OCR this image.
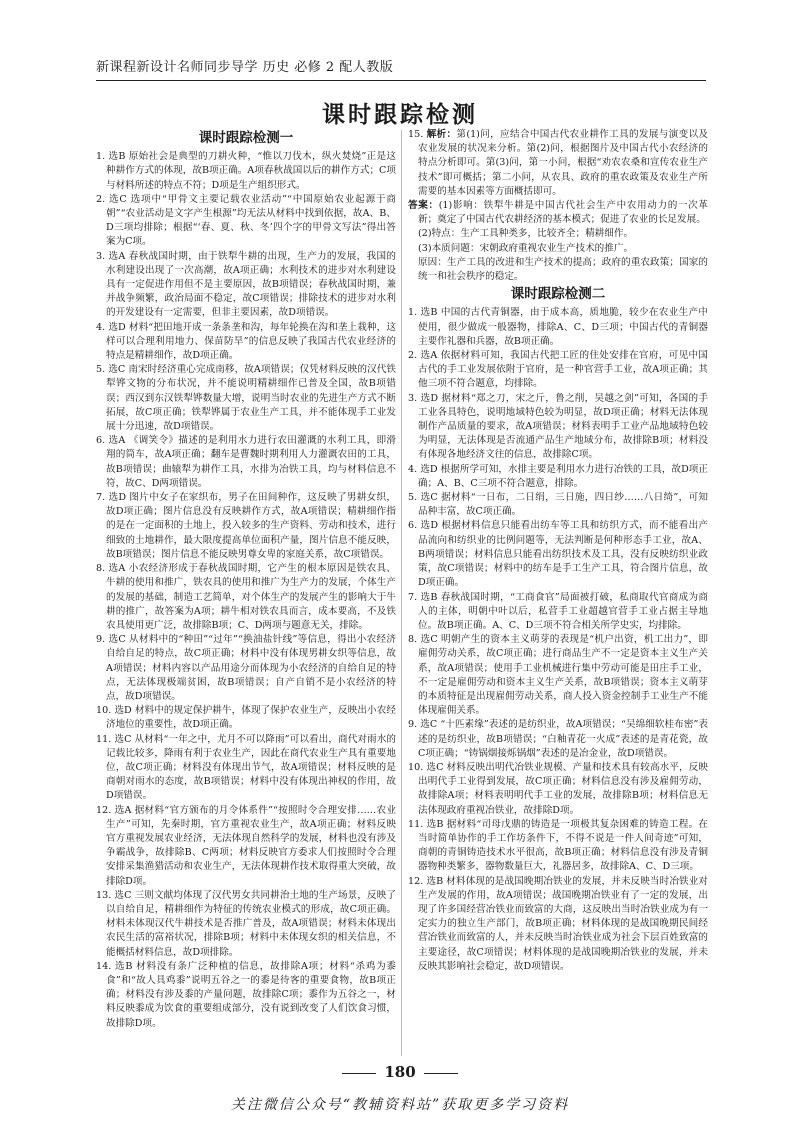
新课程新设计名师同步导学 历史 必修 2 配人教版
课时跟踪检测
课时跟踪检测一

1. 选B 原始社会是典型的刀耕火种，“惟以刀伐木，纵火焚烧”正是这种耕作方式的体现，故B项正确。A项春秋战国以后的耕作方式；C项与材料所述的特点不符；D项是生产组织形式。

2. 选C 选项中“甲骨文主要记载农业活动”“中国原始农业起源于商朝”“农业活动是文字产生根源”均无法从材料中找到依据，故A、B、D三项均排除；根据“‘春、夏、秋、冬’四个字的甲骨文写法”得出答案为C项。

3. 选A 春秋战国时期，由于铁犁牛耕的出现，生产力的发展，我国的水利建设出现了一次高潮，故A项正确；水利技术的进步对水利建设具有一定促进作用但不是主要原因，故B项错误；春秋战国时期，兼并战争频繁，政治局面不稳定，故C项错误；排除技术的进步对水利的开发建设有一定需要，但非主要因素，故D项错误。

4. 选D 材料“把田地开成一条条垄和沟，每年轮换在沟和垄上栽种，这样可以合理利用地力、保苗防旱”的信息反映了我国古代农业经济的特点是精耕细作，故D项正确。

5. 选C 南宋时经济重心完成南移，故A项错误；仅凭材料反映的汉代铁犁铧文物的分布状况，并不能说明精耕细作已普及全国，故B项错误；西汉到东汉铁犁铧数量大增，说明当时农业的先进生产方式不断拓展，故C项正确；铁犁铧属于农业生产工具，并不能体现手工业发展十分迅速，故D项错误。

6. 选A 《调笑令》描述的是利用水力进行农田灌溉的水利工具，即滑翔的筒车，故A项正确；翻车是曹魏时期利用人力灌溉农田的工具，故B项错误；曲辕犁为耕作工具，水排为冶铁工具，均与材料信息不符，故C、D两项错误。

7. 选D 图片中女子在家织布，男子在田间种作，这反映了男耕女织，故D项正确；图片信息没有反映耕作方式，故A项错误；精耕细作指的是在一定面积的土地上，投入较多的生产资料、劳动和技术，进行细致的土地耕作，最大限度提高单位面积产量，图片信息不能反映，故B项错误；图片信息不能反映男尊女卑的家庭关系，故C项错误。

8. 选A 小农经济形成于春秋战国时期，它产生的根本原因是铁农具、牛耕的使用和推广，铁农具的使用和推广为生产力的发展，个体生产的发展的基础，制造工艺简单，对个体生产的发展产生的影响大于牛耕的推广，故答案为A项；耕牛相对铁农具而言，成本要高，不及铁农具使用更广泛，故排除B项；C、D两项与题意无关，排除。

9. 选C 从材料中的“种田”“过年”“换油盐针线”等信息，得出小农经济自给自足的特点，故C项正确；材料中没有体现男耕女织等信息，故A项错误；材料内容以产品用途分而体现为小农经济的自给自足的特点，无法体现极端贫困，故B项错误；自产自销不是小农经济的特点，故D项错误。

10. 选D 材料中的规定保护耕牛，体现了保护农业生产，反映出小农经济地位的重要性，故D项正确。

11. 选C 从材料“一年之中，尤月不可以降雨”可以看出，商代对雨水的记载比较多，降雨有利于农业生产，因此在商代农业生产具有重要地位，故C项正确；材料没有体现出节气，故A项错误；材料反映的是商朝对雨水的态度，故B项错误；材料中没有体现出神权的作用，故D项错误。

12. 选A 据材料“官方颁布的月令体系件”“按照时令合理安排……农业生产”可知，先秦时期，官方重视农业生产，故A项正确；材料反映官方重视发展农业经济，无法体现自然科学的发展，材料也没有涉及争霸战争，故排除B、C两项；材料反映官方委求人们按照时令合理安排采集渔猎活动和农业生产，无法体现耕作技术取得重大突破，故排除D项。

13. 选C 三则文献均体现了汉代男女共同耕治土地的生产场景，反映了以自给自足，精耕细作为特征的传统农业模式的形成，故C项正确。材料未体现汉代牛耕技术是否推广普及，故A项错误；材料未体现出农民生活的富裕状况，排除B项；材料中未体现女织的相关信息，不能概括材料信息，故D项排除。

14. 选B 材料没有条广泛种植的信息，故排除A项；材料“杀鸡为黍食”和“故人具鸡黍”说明五谷之一的黍是待客的重要食物，故B项正确；材料没有涉及黍的产量问题，故排除C项；黍作为五谷之一，材料反映黍成为饮食的重要组成部分，没有说到改变了人们饮食习惯，故排除D项。

15. 解析：第(1)问，应结合中国古代农业耕作工具的发展与演变以及农业发展的状况来分析。第(2)问，根据图片及中国古代小农经济的特点分析即可。第(3)问，第一小问，根据“劝农农桑和宣传农业生产技术”即可概括；第二小问，从农具、政府的重农政策及农业生产所需要的基本因素等方面概括即可。

答案：(1)影响：铁犁牛耕是中国古代社会生产中农用动力的一次革新；奠定了中国古代农耕经济的基本模式；促进了农业的长足发展。

(2)特点：生产工具种类多，比较齐全；精耕细作。

(3)本质问题：宋朝政府重视农业生产技术的推广。

原因：生产工具的改进和生产技术的提高；政府的重农政策；国家的统一和社会秩序的稳定。

课时跟踪检测二

1. 选B 中国的古代青铜器，由于成本高，质地脆，较少在农业生产中使用，很少做成一般器物，排除A、C、D三项；中国古代的青铜器主要作礼器和兵器，故B项正确。

2. 选A 依据材料可知，我国古代把工匠的住处安排在官府，可见中国古代的手工业发展依附于官府，是一种官营手工业，故A项正确；其他三项不符合题意，均排除。

3. 选D 据材料“郑之刀，宋之斤，鲁之削，吴越之剑”可知，各国的手工业各具特色，说明地域特色较为明显，故D项正确；材料无法体现制作产品质量的要求，故A项错误；材料表明手工业产品地域特色较为明显，无法体现是否流通产品生产地域分布，故排除B项；材料没有体现各地经济文往的信息，故排除C项。

4. 选D 根据所学可知，水排主要是利用水力进行冶铁的工具，故D项正确；A、B、C三项不符合题意，排除。

5. 选C 据材料“一日布，二日绢，三日施，四日纱……八日绮”，可知品种丰富，故C项正确。

6. 选D 根据材料信息只能看出纺车等工具和纺织方式，而不能看出产品流向和纺织业的比例问题等，无法判断是何种形态手工业，故A、B两项错误；材料信息只能看出纺织技术及工具，没有反映纺织业政策，故C项错误；材料中的纺车是手工生产工具，符合图片信息，故D项正确。

7. 选B 春秋战国时期，“工商食官”局面被打破，私商取代官商成为商人的主体，明朝中叶以后，私营手工业超越官营手工业占据主导地位。故B项正确。A、C、D三项不符合相关所学史实，均排除。

8. 选C 明朝产生的资本主义萌芽的表现是“机户出资，机工出力”，即雇佣劳动关系，故C项正确；进行商品生产不一定是资本主义生产关系，故A项错误；使用手工业机械进行集中劳动可能是田庄手工业，不一定是雇佣劳动和资本主义生产关系，故B项错误；资本主义萌芽的本质特征是出现雇佣劳动关系，商人投入资金控制手工业生产不能体现雇佣关系。

9. 选C “十匹素缘”表述的是纺织业，故A项错误；“吴绵细软桂布密”表述的是纺织业，故B项错误；“白釉青花一火成”表述的是青花瓷，故C项正确；“铸锅烟接烁锅烟”表述的是冶金业，故D项错误。

10. 选C 材料反映出明代冶铁业规模、产量和技术具有较高水平，反映出明代手工业得到发展，故C项正确；材料信息没有涉及雇佣劳动，故排除A项；材料表明明代手工业的发展，故排除B项；材料信息无法体现政府重视冶铁业，故排除D项。

11. 选B 据材料“司母戊鼎的铸造是一项极其复杂困难的铸造工程。在当时简单协作的手工作坊条件下，不得不说是一件人间奇迹”可知，商朝的青铜铸造技术水平很高，故B项正确；材料信息没有涉及青铜器物种类繁多，器物数量巨大，礼器居多，故排除A、C、D三项。

12. 选B 材料体现的是战国晚期冶铁业的发展，并未反映当时冶铁业对生产发展的作用，故A项错误；战国晚期冶铁业有了一定的发展，出现了许多国经营冶铁业而致富的大商，这反映出当时冶铁业成为有一定实力的独立生产部门，故B项正确；材料体现的是战国晚期民间经营冶铁业而致富的人，并未反映当时冶铁业成为社会下层百姓致富的主要途径，故C项错误；材料体现的是战国晚期冶铁业的发展，并未反映其影响社会稳定，故D项错误。

180
关注微信公众号“教辅资料站”获取更多学习资料
